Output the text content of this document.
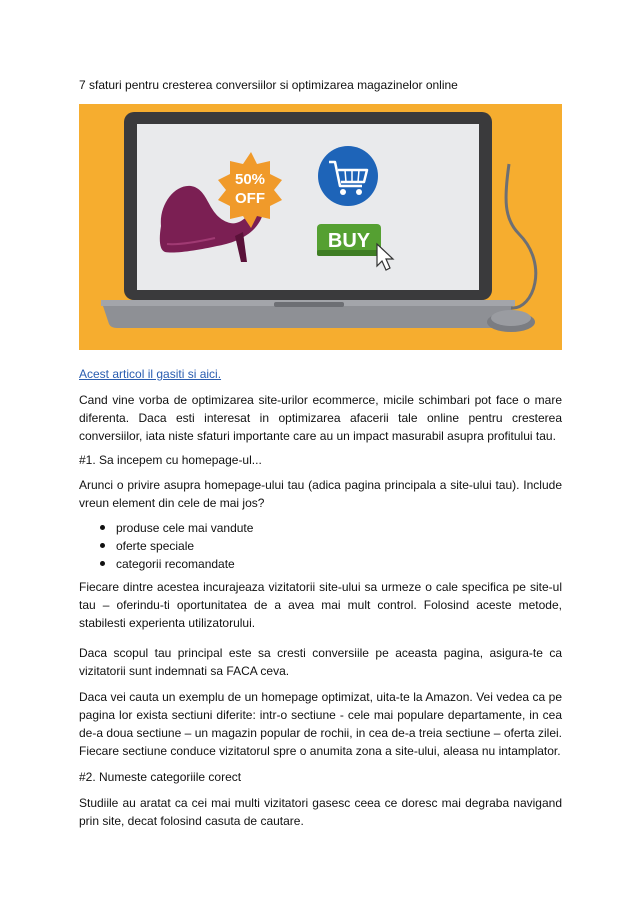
7 sfaturi pentru cresterea conversiilor si optimizarea magazinelor online
50%
OFF
BUY
Acest articol il gasiti si aici.
Cand vine vorba de optimizarea site-urilor ecommerce, micile schimbari pot face o mare diferenta. Daca esti interesat in optimizarea afacerii tale online pentru cresterea conversiilor, iata niste sfaturi importante care au un impact masurabil asupra profitului tau.
#1. Sa incepem cu homepage-ul...
Arunci o privire asupra homepage-ului tau (adica pagina principala a site-ului tau). Include vreun element din cele de mai jos?
produse cele mai vandute
oferte speciale
categorii recomandate
Fiecare dintre acestea incurajeaza vizitatorii site-ului sa urmeze o cale specifica pe site-ul tau – oferindu-ti oportunitatea de a avea mai mult control. Folosind aceste metode, stabilesti experienta utilizatorului.
Daca scopul tau principal este sa cresti conversiile pe aceasta pagina, asigura-te ca vizitatorii sunt indemnati sa FACA ceva.
Daca vei cauta un exemplu de un homepage optimizat, uita-te la Amazon. Vei vedea ca pe pagina lor exista sectiuni diferite: intr-o sectiune - cele mai populare departamente, in cea de-a doua sectiune – un magazin popular de rochii, in cea de-a treia sectiune – oferta zilei. Fiecare sectiune conduce vizitatorul spre o anumita zona a site-ului, aleasa nu intamplator.
#2. Numeste categoriile corect
Studiile au aratat ca cei mai multi vizitatori gasesc ceea ce doresc mai degraba navigand prin site, decat folosind casuta de cautare.
